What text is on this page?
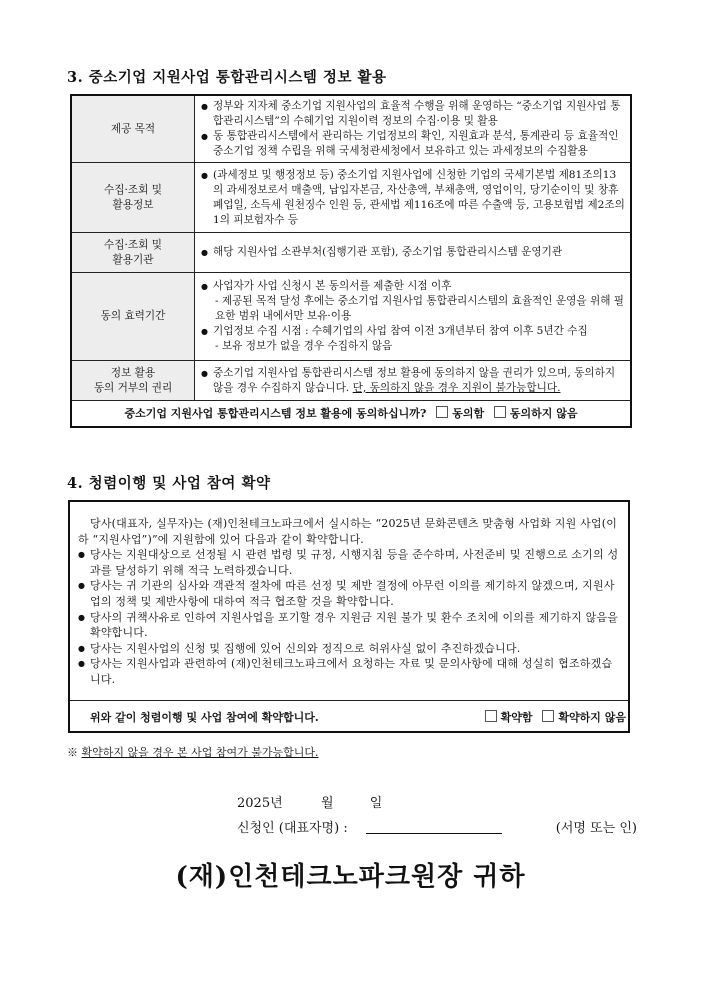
3. 중소기업 지원사업 통합관리시스템 정보 활용
제공 목적	● 정부와 지자체 중소기업 지원사업의 효율적 수행을 위해 운영하는 “중소기업 지원사업 통합관리시스템”의 수혜기업 지원이력 정보의 수집·이용 및 활용
● 동 통합관리시스템에서 관리하는 기업정보의 확인, 지원효과 분석, 통계관리 등 효율적인 중소기업 정책 수립을 위해 국세청관세청에서 보유하고 있는 과세정보의 수집활용

수집·조회 및
활용정보	● (과세정보 및 행정정보 등) 중소기업 지원사업에 신청한 기업의 국세기본법 제81조의13의 과세정보로서 매출액, 납입자본금, 자산총액, 부채총액, 영업이익, 당기순이익 및 창휴폐업일, 소득세 원천징수 인원 등, 관세법 제116조에 따른 수출액 등, 고용보험법 제2조의1의 피보험자수 등

수집·조회 및
활용기관	● 해당 지원사업 소관부처(집행기관 포함), 중소기업 통합관리시스템 운영기관

동의 효력기간	● 사업자가 사업 신청시 본 동의서를 제출한 시점 이후
- 제공된 목적 달성 후에는 중소기업 지원사업 통합관리시스템의 효율적인 운영을 위해 필요한 범위 내에서만 보유·이용
● 기업정보 수집 시점 : 수혜기업의 사업 참여 이전 3개년부터 참여 이후 5년간 수집
- 보유 정보가 없을 경우 수집하지 않음

정보 활용
동의 거부의 권리	● 중소기업 지원사업 통합관리시스템 정보 활용에 동의하지 않을 권리가 있으며, 동의하지 않을 경우 수집하지 않습니다. 단, 동의하지 않을 경우 지원이 불가능합니다.

중소기업 지원사업 통합관리시스템 정보 활용에 동의하십니까? 동의함 동의하지 않음	
4. 청렴이행 및 사업 참여 확약
당사(대표자, 실무자)는 (재)인천테크노파크에서 실시하는 “2025년 문화콘텐츠 맞춤형 사업화 지원 사업(이하 “지원사업”)”에 지원함에 있어 다음과 같이 확약합니다.
● 당사는 지원대상으로 선정될 시 관련 법령 및 규정, 시행지침 등을 준수하며, 사전준비 및 진행으로 소기의 성과를 달성하기 위해 적극 노력하겠습니다.
● 당사는 귀 기관의 심사와 객관적 절차에 따른 선정 및 제반 결정에 아무런 이의를 제기하지 않겠으며, 지원사업의 정책 및 제반사항에 대하여 적극 협조할 것을 확약합니다.
● 당사의 귀책사유로 인하여 지원사업을 포기할 경우 지원금 지원 불가 및 환수 조치에 이의를 제기하지 않음을 확약합니다.
● 당사는 지원사업의 신청 및 집행에 있어 신의와 정직으로 허위사실 없이 추진하겠습니다.
● 당사는 지원사업과 관련하여 (재)인천테크노파크에서 요청하는 자료 및 문의사항에 대해 성실히 협조하겠습니다.
위와 같이 청렴이행 및 사업 참여에 확약합니다.	확약함 확약하지 않음
※ 확약하지 않을 경우 본 사업 참여가 불가능합니다.
2025년	월	일
신청인 (대표자명) :	(서명 또는 인)
(재)인천테크노파크원장 귀하
